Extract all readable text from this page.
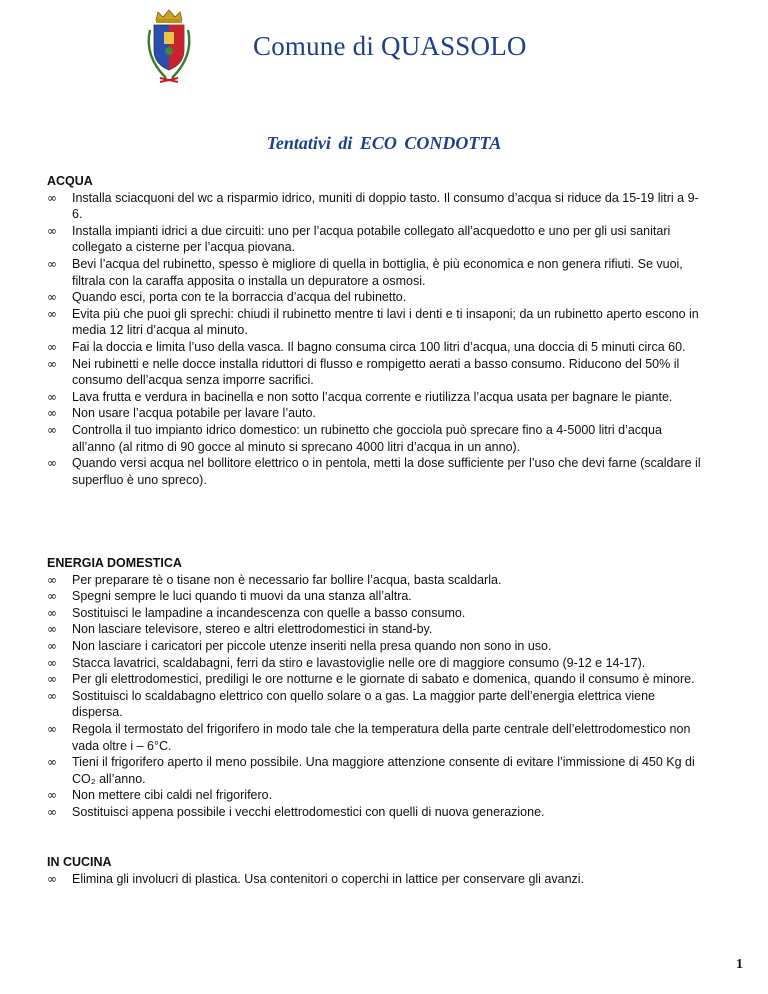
Comune di QUASSOLO
Tentativi di ECO CONDOTTA
ACQUA
∞	Installa sciacquoni del wc a risparmio idrico, muniti di doppio tasto. Il consumo d’acqua si riduce da 15-19 litri a 9-6.
∞	Installa impianti idrici a due circuiti: uno per l’acqua potabile collegato all’acquedotto e uno per gli usi sanitari collegato a cisterne per l’acqua piovana.
∞	Bevi l’acqua del rubinetto, spesso è migliore di quella in bottiglia, è più economica e non genera rifiuti. Se vuoi, filtrala con la caraffa apposita o installa un depuratore a osmosi.
∞	Quando esci, porta con te la borraccia d’acqua del rubinetto.
∞	Evita più che puoi gli sprechi: chiudi il rubinetto mentre ti lavi i denti e ti insaponi; da un rubinetto aperto escono in media 12 litri d’acqua al minuto.
∞	Fai la doccia e limita l’uso della vasca. Il bagno consuma circa 100 litri d’acqua, una doccia di 5 minuti circa 60.
∞	Nei rubinetti e nelle docce installa riduttori di flusso e rompigetto aerati a basso consumo. Riducono del 50% il consumo dell’acqua senza imporre sacrifici.
∞	Lava frutta e verdura in bacinella e non sotto l’acqua corrente e riutilizza l’acqua usata per bagnare le piante.
∞	Non usare l’acqua potabile per lavare l’auto.
∞	Controlla il tuo impianto idrico domestico: un rubinetto che gocciola può sprecare fino a 4-5000 litri d’acqua all’anno (al ritmo di 90 gocce al minuto si sprecano 4000 litri d’acqua in un anno).
∞	Quando versi acqua nel bollitore elettrico o in pentola, metti la dose sufficiente per l’uso che devi farne (scaldare il superfluo è uno spreco).
ENERGIA DOMESTICA
∞	Per preparare tè o tisane non è necessario far bollire l’acqua, basta scaldarla.
∞	Spegni sempre le luci quando ti muovi da una stanza all’altra.
∞	Sostituisci le lampadine a incandescenza con quelle a basso consumo.
∞	Non lasciare televisore, stereo e altri elettrodomestici in stand-by.
∞	Non lasciare i caricatori per piccole utenze inseriti nella presa quando non sono in uso.
∞	Stacca lavatrici, scaldabagni, ferri da stiro e lavastoviglie nelle ore di maggiore consumo (9-12 e 14-17).
∞	Per gli elettrodomestici, prediligi le ore notturne e le giornate di sabato e domenica, quando il consumo è minore.
∞	Sostituisci lo scaldabagno elettrico con quello solare o a gas. La maggior parte dell’energia elettrica viene dispersa.
∞	Regola il termostato del frigorifero in modo tale che la temperatura della parte centrale dell’elettrodomestico non vada oltre i – 6°C.
∞	Tieni il frigorifero aperto il meno possibile. Una maggiore attenzione consente di evitare l’immissione di 450 Kg di CO₂ all’anno.
∞	Non mettere cibi caldi nel frigorifero.
∞	Sostituisci appena possibile i vecchi elettrodomestici con quelli di nuova generazione.
IN CUCINA
∞	Elimina gli involucri di plastica. Usa contenitori o coperchi in lattice per conservare gli avanzi.
1
